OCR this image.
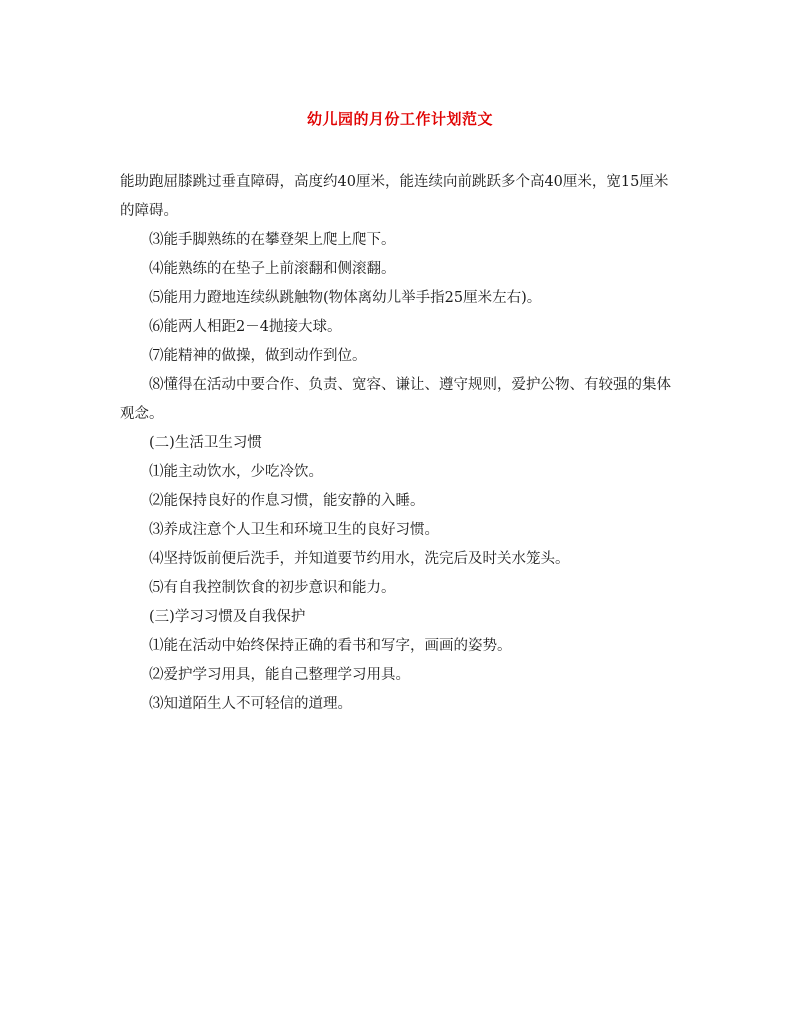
幼儿园的月份工作计划范文

能助跑屈膝跳过垂直障碍，高度约40厘米，能连续向前跳跃多个高40厘米，宽15厘米的障碍。

⑶能手脚熟练的在攀登架上爬上爬下。

⑷能熟练的在垫子上前滚翻和侧滚翻。

⑸能用力蹬地连续纵跳触物(物体离幼儿举手指25厘米左右)。

⑹能两人相距2－4抛接大球。

⑺能精神的做操，做到动作到位。

⑻懂得在活动中要合作、负责、宽容、谦让、遵守规则，爱护公物、有较强的集体观念。

(二)生活卫生习惯

⑴能主动饮水，少吃冷饮。

⑵能保持良好的作息习惯，能安静的入睡。

⑶养成注意个人卫生和环境卫生的良好习惯。

⑷坚持饭前便后洗手，并知道要节约用水，洗完后及时关水笼头。

⑸有自我控制饮食的初步意识和能力。

(三)学习习惯及自我保护

⑴能在活动中始终保持正确的看书和写字，画画的姿势。

⑵爱护学习用具，能自己整理学习用具。

⑶知道陌生人不可轻信的道理。
